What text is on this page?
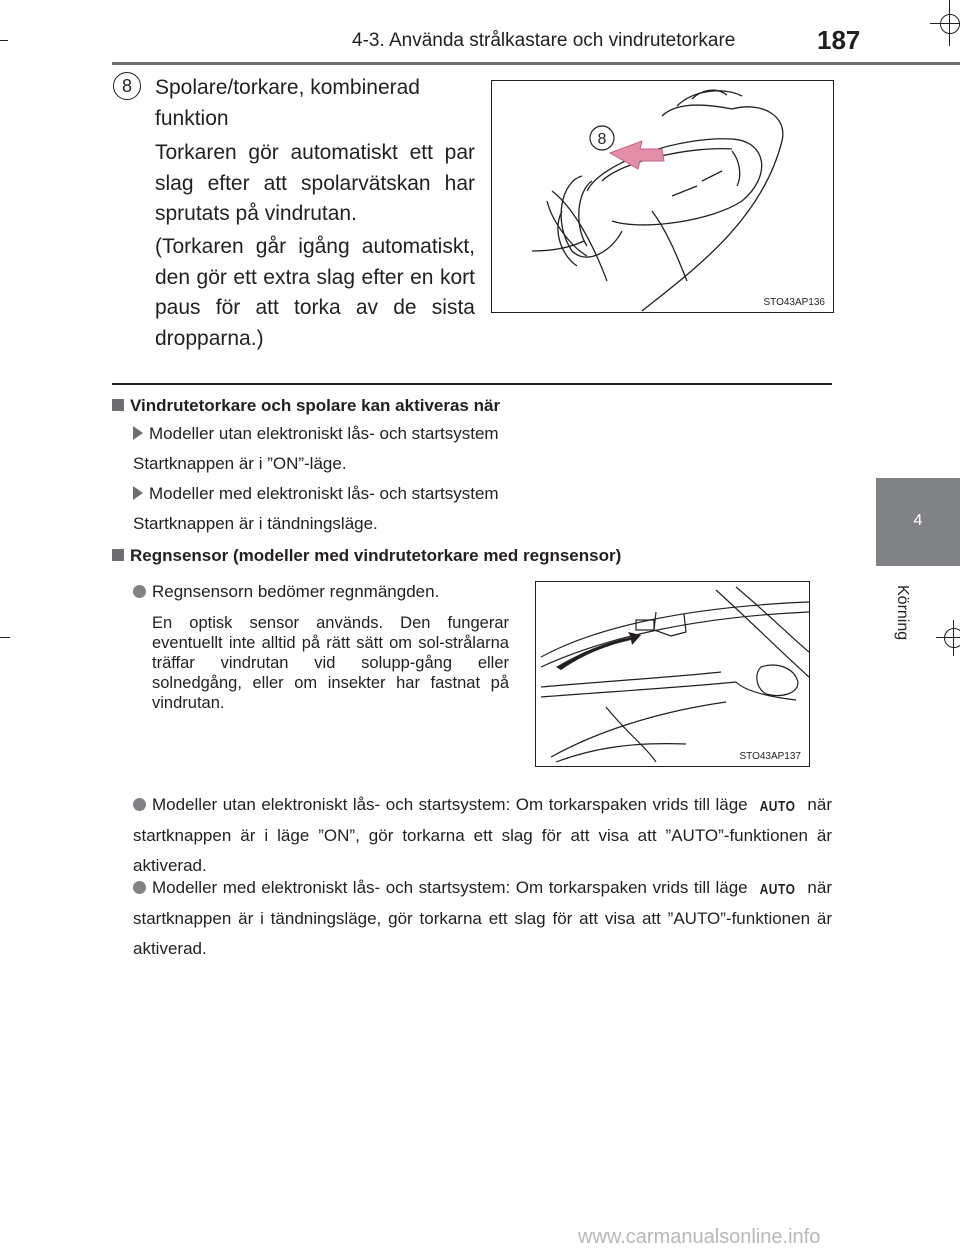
4-3. Använda strålkastare och vindrutetorkare	187
4
Körning
8	Spolare/torkare, kombinerad
funktion
Torkaren gör automatiskt ett par slag efter att spolarvätskan har sprutats på vindrutan.
(Torkaren går igång automatiskt, den gör ett extra slag efter en kort paus för att torka av de sista dropparna.)
8
STO43AP136
Vindrutetorkare och spolare kan aktiveras när
Modeller utan elektroniskt lås- och startsystem
Startknappen är i ”ON”-läge.
Modeller med elektroniskt lås- och startsystem
Startknappen är i tändningsläge.
Regnsensor (modeller med vindrutetorkare med regnsensor)
Regnsensorn bedömer regnmängden.
En optisk sensor används. Den fungerar eventuellt inte alltid på rätt sätt om sol-strålarna träffar vindrutan vid solupp-gång eller solnedgång, eller om insekter har fastnat på vindrutan.
STO43AP137
Modeller utan elektroniskt lås- och startsystem: Om torkarspaken vrids till läge AUTO när startknappen är i läge ”ON”, gör torkarna ett slag för att visa att ”AUTO”-funktionen är aktiverad.
Modeller med elektroniskt lås- och startsystem: Om torkarspaken vrids till läge AUTO när startknappen är i tändningsläge, gör torkarna ett slag för att visa att ”AUTO”-funktionen är aktiverad.
www.carmanualsonline.info
